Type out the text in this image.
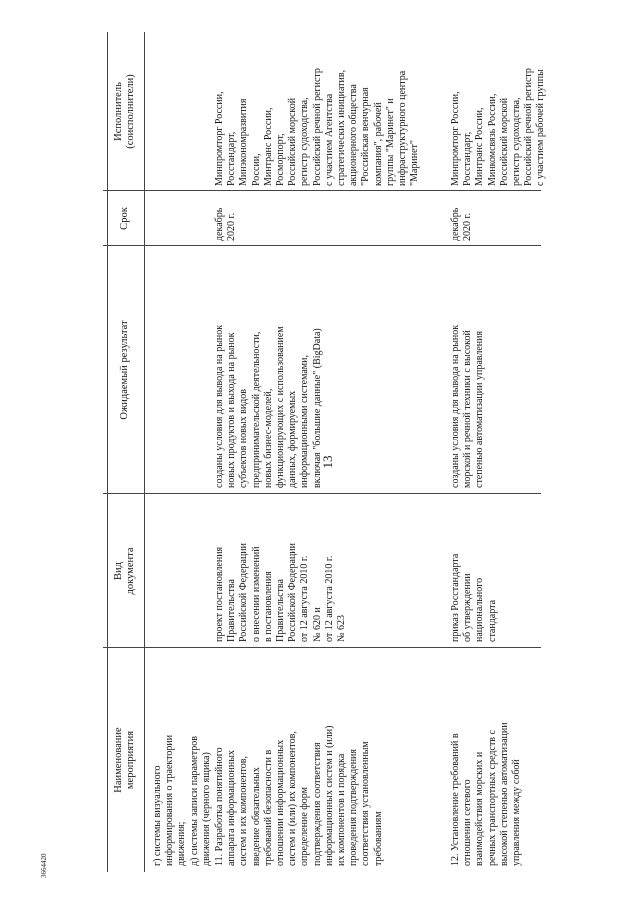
13
3664420
Наименование
мероприятия
Вид
документа
Ожидаемый результат
Срок
Исполнитель
(соисполнители)
г) системы визуального
информирования о траектории
движения;
д) системы записи параметров
движения (черного ящика)
11. Разработка понятийного
аппарата информационных
систем и их компонентов,
введение обязательных
требований безопасности в
отношении информационных
систем и (или) их компонентов,
определение форм
подтверждения соответствия
информационных систем и (или)
их компонентов и порядка
проведения подтверждения
соответствия установленным
требованиям
проект постановления
Правительства
Российской Федерации
о внесении изменений
в постановления
Правительства
Российской Федерации
от 12 августа 2010 г.
№ 620 и
от 12 августа 2010 г.
№ 623
созданы условия для вывода на рынок
новых продуктов и выхода на рынок
субъектов новых видов
предпринимательской деятельности,
новых бизнес-моделей,
функционирующих с использованием
данных, формируемых
информационными системами,
включая "большие данные" (BigData)
декабрь
2020 г.
Минпромторг России,
Росстандарт,
Минэкономразвития
России,
Минтранс России,
Росморпорт,
Российский морской
регистр судоходства,
Российский речной регистр
с участием Агентства
стратегических инициатив,
акционерного общества
"Российская венчурная
компания", рабочей
группы "Маринет" и
инфраструктурного центра
"Маринет"
12. Установление требований в
отношении сетевого
взаимодействия морских и
речных транспортных средств с
высокой степенью автоматизации
управления между собой
приказ Росстандарта
об утверждении
национального
стандарта
созданы условия для вывода на рынок
морской и речной техники с высокой
степенью автоматизации управления
декабрь
2020 г.
Минпромторг России,
Росстандарт,
Минтранс России,
Минкомсвязь России,
Российский морской
регистр судоходства,
Российский речной регистр
с участием рабочей группы
